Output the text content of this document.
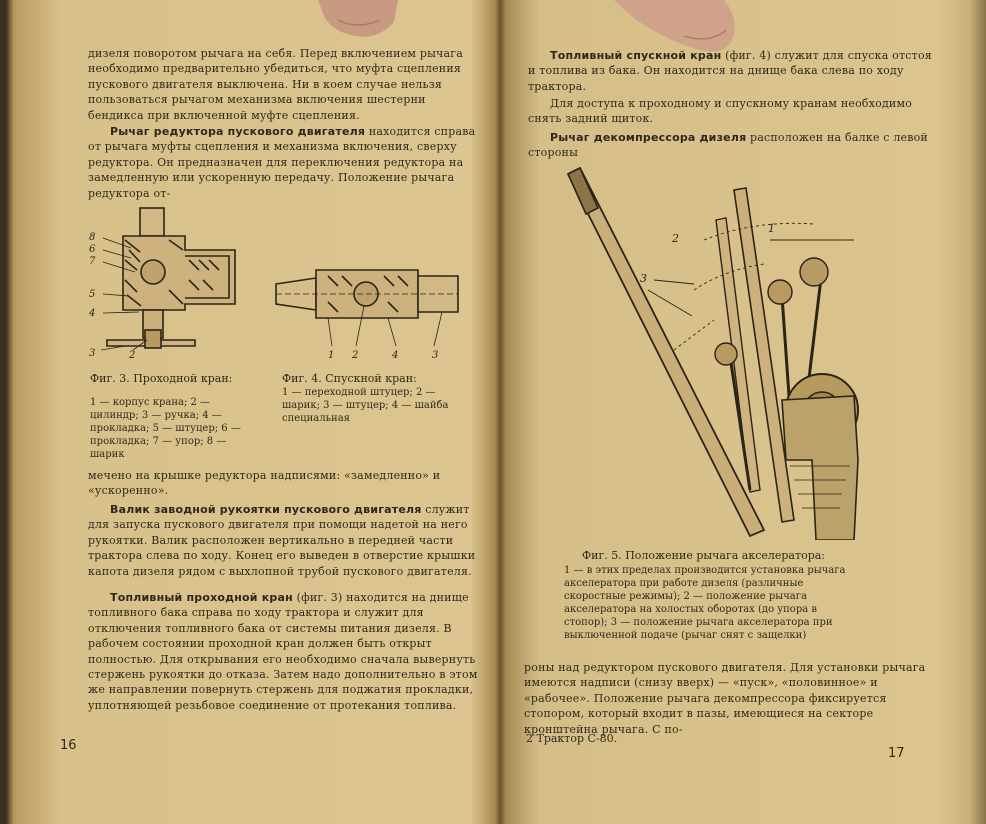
дизеля поворотом рычага на себя. Перед включением рычага необходимо предварительно убедиться, что муфта сцепления пускового двигателя выключена. Ни в коем случае нельзя пользоваться рычагом механизма включения шестерни бендикса при включенной муфте сцепления.
Рычаг редуктора пускового двигателя находится справа от рычага муфты сцепления и механизма включения, сверху редуктора. Он предназначен для переключения редуктора на замедленную или ускоренную передачу. Положение рычага редуктора от-
8
6
7
5
4
3	2	1 2	4	3
Фиг. 3. Проходной кран:
1 — корпус крана; 2 — цилиндр; 3 — ручка; 4 — прокладка; 5 — штуцер; 6 — прокладка; 7 — упор; 8 — шарик
Фиг. 4. Спускной кран:
1 — переходной штуцер; 2 — шарик; 3 — штуцер; 4 — шайба специальная
мечено на крышке редуктора надписями: «замедленно» и «ускоренно».
Валик заводной рукоятки пускового двигателя служит для запуска пускового двигателя при помощи надетой на него рукоятки. Валик расположен вертикально в передней части трактора слева по ходу. Конец его выведен в отверстие крышки капота дизеля рядом с выхлопной трубой пускового двигателя.
Топливный проходной кран (фиг. 3) находится на днище топливного бака справа по ходу трактора и служит для отключения топливного бака от системы питания дизеля. В рабочем состоянии проходной кран должен быть открыт полностью. Для открывания его необходимо сначала вывернуть стержень рукоятки до отказа. Затем надо дополнительно в этом же направлении повернуть стержень для поджатия прокладки, уплотняющей резьбовое соединение от протекания топлива.
16
Топливный спускной кран (фиг. 4) служит для спуска отстоя и топлива из бака. Он находится на днище бака слева по ходу трактора.
Для доступа к проходному и спускному кранам необходимо снять задний щиток.
Рычаг декомпрессора дизеля расположен на балке с левой стороны
2
3
1
Фиг. 5. Положение рычага акселератора:
1 — в этих пределах производится установка рычага акселератора при работе дизеля (различные скоростные режимы); 2 — положение рычага акселератора на холостых оборотах (до упора в стопор); 3 — положение рычага акселератора при выключенной подаче (рычаг снят с защелки)
роны над редуктором пускового двигателя. Для установки рычага имеются надписи (снизу вверх) — «пуск», «половинное» и «рабочее». Положение рычага декомпрессора фиксируется стопором, который входит в пазы, имеющиеся на секторе кронштейна рычага. С по-
2 Трактор С-80.
17
